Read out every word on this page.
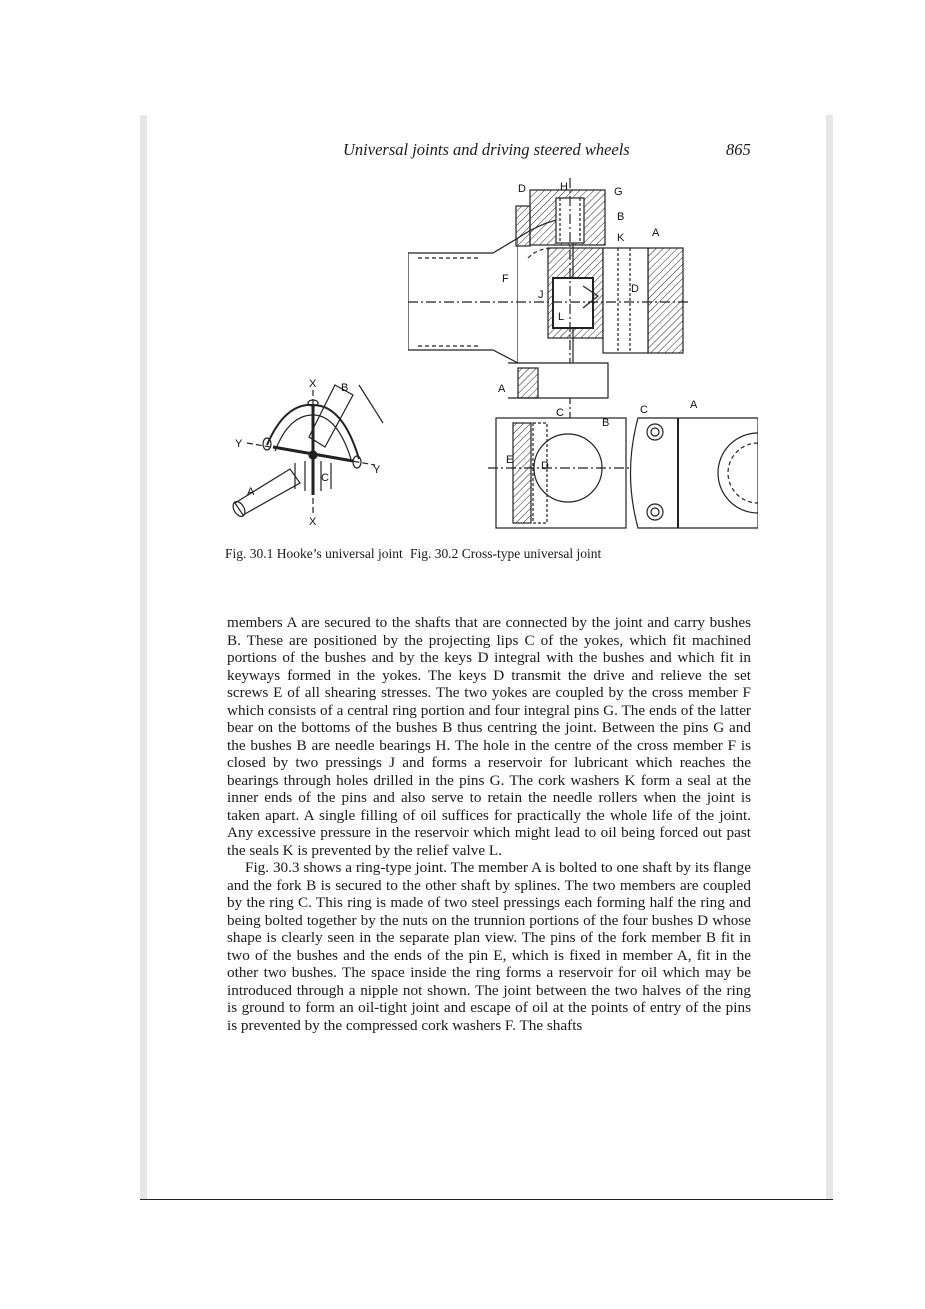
Universal joints and driving steered wheels	865
X B
Y
Y
C
A
X
D	H	G
B
K	A
F
J	D
L
A
C	C	A
B
E	D
Fig. 30.1 Hooke’s universal joint Fig. 30.2 Cross-type universal joint

members A are secured to the shafts that are connected by the joint and carry bushes B. These are positioned by the projecting lips C of the yokes, which fit machined portions of the bushes and by the keys D integral with the bushes and which fit in keyways formed in the yokes. The keys D transmit the drive and relieve the set screws E of all shearing stresses. The two yokes are coupled by the cross member F which consists of a central ring portion and four integral pins G. The ends of the latter bear on the bottoms of the bushes B thus centring the joint. Between the pins G and the bushes B are needle bearings H. The hole in the centre of the cross member F is closed by two pressings J and forms a reservoir for lubricant which reaches the bearings through holes drilled in the pins G. The cork washers K form a seal at the inner ends of the pins and also serve to retain the needle rollers when the joint is taken apart. A single filling of oil suffices for practically the whole life of the joint. Any excessive pressure in the reservoir which might lead to oil being forced out past the seals K is prevented by the relief valve L.

Fig. 30.3 shows a ring-type joint. The member A is bolted to one shaft by its flange and the fork B is secured to the other shaft by splines. The two members are coupled by the ring C. This ring is made of two steel pressings each forming half the ring and being bolted together by the nuts on the trunnion portions of the four bushes D whose shape is clearly seen in the separate plan view. The pins of the fork member B fit in two of the bushes and the ends of the pin E, which is fixed in member A, fit in the other two bushes. The space inside the ring forms a reservoir for oil which may be introduced through a nipple not shown. The joint between the two halves of the ring is ground to form an oil-tight joint and escape of oil at the points of entry of the pins is prevented by the compressed cork washers F. The shafts
